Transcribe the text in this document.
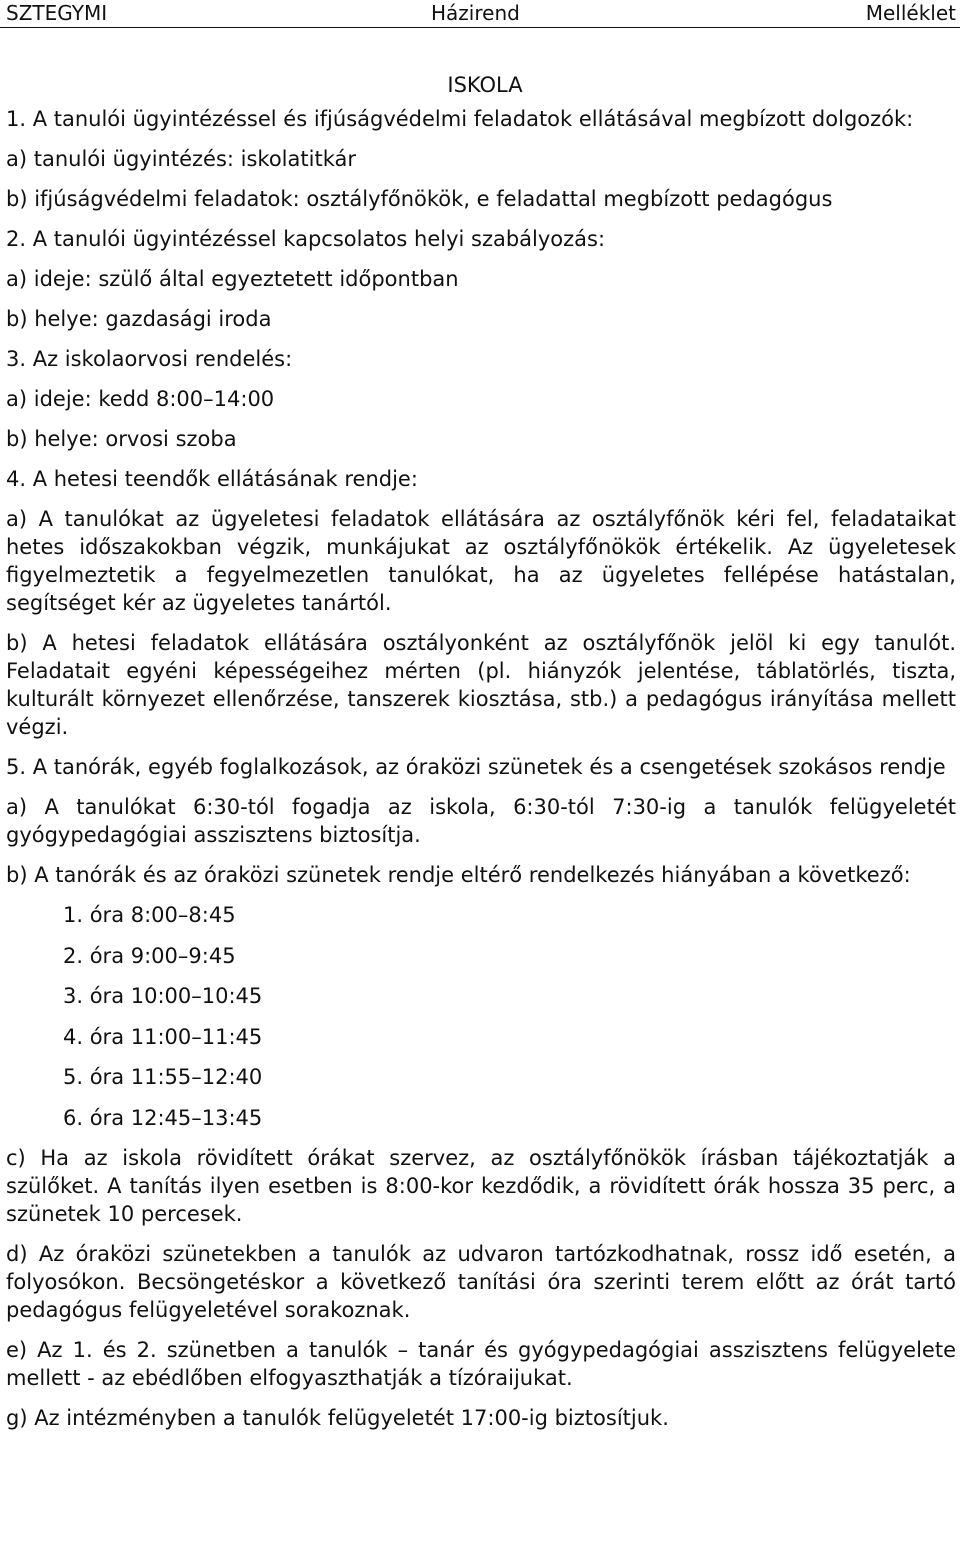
SZTEGYMI	Házirend	Melléklet
ISKOLA

1. A tanulói ügyintézéssel és ifjúságvédelmi feladatok ellátásával megbízott dolgozók:

a) tanulói ügyintézés: iskolatitkár

b) ifjúságvédelmi feladatok: osztályfőnökök, e feladattal megbízott pedagógus

2. A tanulói ügyintézéssel kapcsolatos helyi szabályozás:

a) ideje: szülő által egyeztetett időpontban

b) helye: gazdasági iroda

3. Az iskolaorvosi rendelés:

a) ideje: kedd 8:00–14:00

b) helye: orvosi szoba

4. A hetesi teendők ellátásának rendje:

a) A tanulókat az ügyeletesi feladatok ellátására az osztályfőnök kéri fel, feladataikat hetes időszakokban végzik, munkájukat az osztályfőnökök értékelik. Az ügyeletesek figyelmeztetik a fegyelmezetlen tanulókat, ha az ügyeletes fellépése hatástalan, segítséget kér az ügyeletes tanártól.

b) A hetesi feladatok ellátására osztályonként az osztályfőnök jelöl ki egy tanulót. Feladatait egyéni képességeihez mérten (pl. hiányzók jelentése, táblatörlés, tiszta, kulturált környezet ellenőrzése, tanszerek kiosztása, stb.) a pedagógus irányítása mellett végzi.

5. A tanórák, egyéb foglalkozások, az óraközi szünetek és a csengetések szokásos rendje

a) A tanulókat 6:30-tól fogadja az iskola, 6:30-tól 7:30-ig a tanulók felügyeletét gyógypedagógiai asszisztens biztosítja.

b) A tanórák és az óraközi szünetek rendje eltérő rendelkezés hiányában a következő:

1. óra 8:00–8:45
2. óra 9:00–9:45
3. óra 10:00–10:45
4. óra 11:00–11:45
5. óra 11:55–12:40
6. óra 12:45–13:45

c) Ha az iskola rövidített órákat szervez, az osztályfőnökök írásban tájékoztatják a szülőket. A tanítás ilyen esetben is 8:00-kor kezdődik, a rövidített órák hossza 35 perc, a szünetek 10 percesek.

d) Az óraközi szünetekben a tanulók az udvaron tartózkodhatnak, rossz idő esetén, a folyosókon. Becsöngetéskor a következő tanítási óra szerinti terem előtt az órát tartó pedagógus felügyeletével sorakoznak.

e) Az 1. és 2. szünetben a tanulók – tanár és gyógypedagógiai asszisztens felügyelete mellett - az ebédlőben elfogyaszthatják a tízóraijukat.

g) Az intézményben a tanulók felügyeletét 17:00-ig biztosítjuk.
